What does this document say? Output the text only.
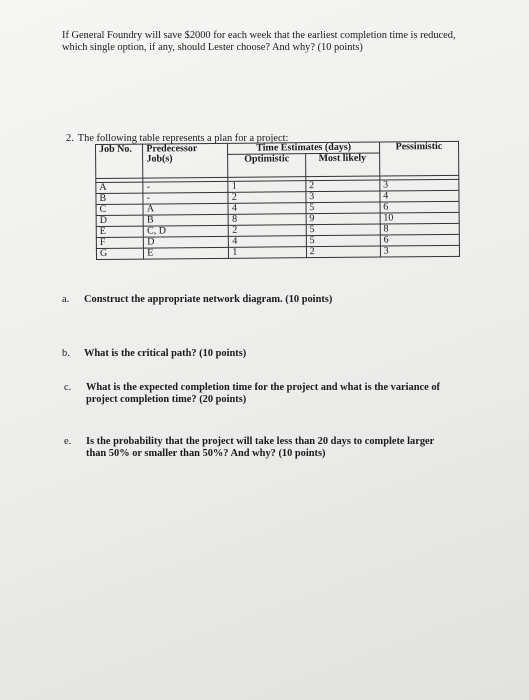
If General Foundry will save $2000 for each week that the earliest completion time is reduced, which single option, if any, should Lester choose? And why? (10 points)
2. The following table represents a plan for a project:
Job No.	Predecessor Job(s)	Time Estimates (days)		Pessimistic
		Optimistic	Most likely	

A	-	1	2	3
B	-	2	3	4
C	A	4	5	6
D	B	8	9	10
E	C, D	2	5	8
F	D	4	5	6
G	E	1	2	3
a. Construct the appropriate network diagram. (10 points)
b. What is the critical path? (10 points)
c. What is the expected completion time for the project and what is the variance of project completion time? (20 points)
e. Is the probability that the project will take less than 20 days to complete larger than 50% or smaller than 50%? And why? (10 points)
